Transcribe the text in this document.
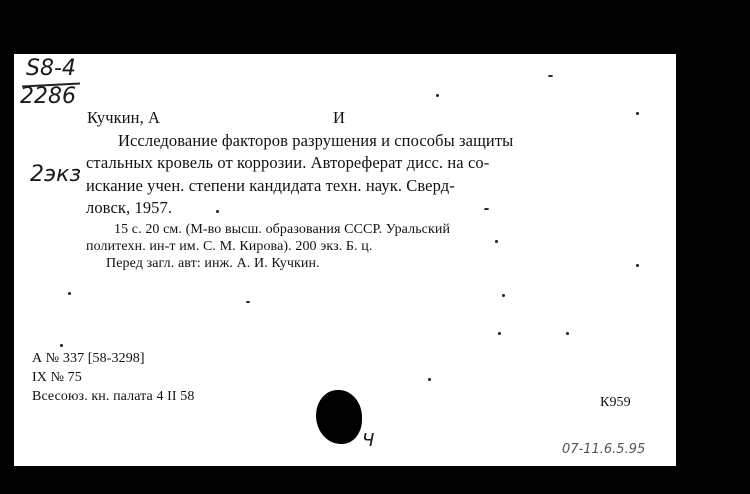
S8-4
2286
2экз
07-11.6.5.95
Кучкин, А	И
Исследование факторов разрушения и способы защиты
стальных кровель от коррозии. Автореферат дисс. на со-
искание учен. степени кандидата техн. наук. Сверд-
ловск, 1957.
15 с. 20 см. (М-во высш. образования СССР. Уральский
политехн. ин-т им. С. М. Кирова). 200 экз. Б. ц.
Перед загл. авт: инж. А. И. Кучкин.
А № 337 [58-3298]
IX № 75
Всесоюз. кн. палата 4 II 58	К959
Ч
